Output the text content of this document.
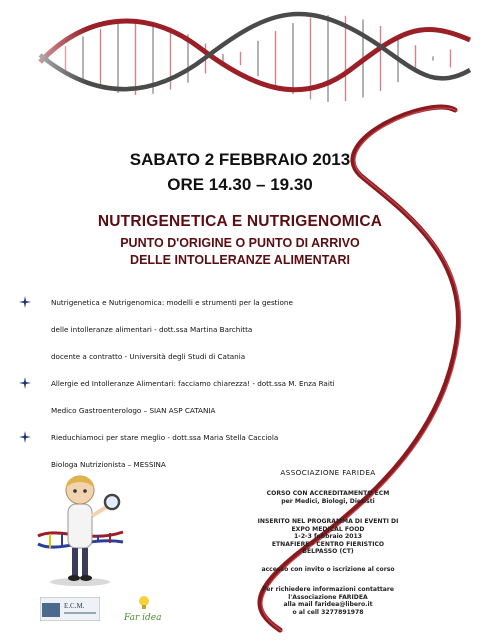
SABATO 2 FEBBRAIO 2013
ORE 14.30 – 19.30
NUTRIGENETICA E NUTRIGENOMICA
PUNTO D'ORIGINE O PUNTO DI ARRIVO
DELLE INTOLLERANZE ALIMENTARI
Nutrigenetica e Nutrigenomica: modelli e strumenti per la gestione
delle intolleranze alimentari - dott.ssa Martina Barchitta
docente a contratto - Università degli Studi di Catania
Allergie ed Intolleranze Alimentari: facciamo chiarezza! - dott.ssa M. Enza Raiti
Medico Gastroenterologo – SIAN ASP CATANIA
Rieduchiamoci per stare meglio - dott.ssa Maria Stella Cacciola
Biologa Nutrizionista – MESSINA
ASSOCIAZIONE FARIDEA
CORSO CON ACCREDITAMENTO ECM
per Medici, Biologi, Dietisti
INSERITO NEL PROGRAMMA DI EVENTI DI
EXPO MEDICAL FOOD
1-2-3 febbraio 2013
ETNAFIERE - CENTRO FIERISTICO
BELPASSO (CT)
accesso con invito o iscrizione al corso
Per richiedere informazioni contattare
l'Associazione FARIDEA
alla mail faridea@libero.it
o al cell 3277891978
E.C.M.
Far idea
